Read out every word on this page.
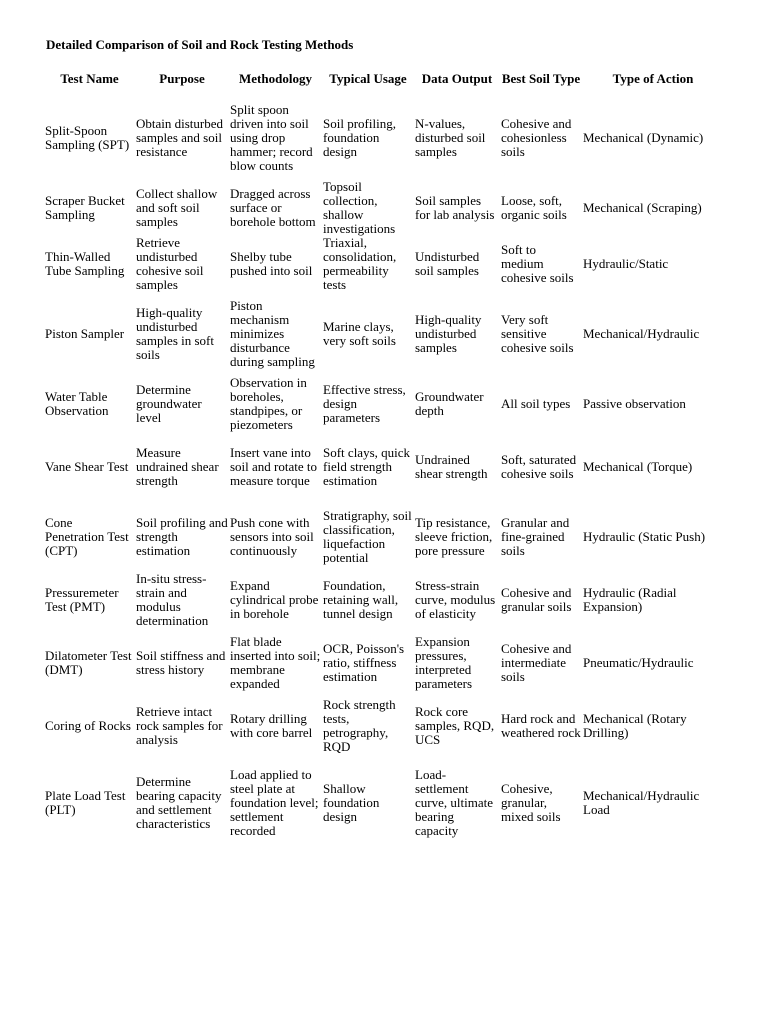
Detailed Comparison of Soil and Rock Testing Methods
Test Name	Purpose	Methodology	Typical Usage	Data Output	Best Soil Type	Type of Action
Split-Spoon Sampling (SPT)	Obtain disturbed samples and soil resistance	Split spoon driven into soil using drop hammer; record blow counts	Soil profiling, foundation design	N-values, disturbed soil samples	Cohesive and cohesionless soils	Mechanical (Dynamic)
Scraper Bucket Sampling	Collect shallow and soft soil samples	Dragged across surface or borehole bottom	Topsoil collection, shallow investigations	Soil samples for lab analysis	Loose, soft, organic soils	Mechanical (Scraping)
Thin-Walled Tube Sampling	Retrieve undisturbed cohesive soil samples	Shelby tube pushed into soil	Triaxial, consolidation, permeability tests	Undisturbed soil samples	Soft to medium cohesive soils	Hydraulic/Static
Piston Sampler	High-quality undisturbed samples in soft soils	Piston mechanism minimizes disturbance during sampling	Marine clays, very soft soils	High-quality undisturbed samples	Very soft sensitive cohesive soils	Mechanical/Hydraulic
Water Table Observation	Determine groundwater level	Observation in boreholes, standpipes, or piezometers	Effective stress, design parameters	Groundwater depth	All soil types	Passive observation
Vane Shear Test	Measure undrained shear strength	Insert vane into soil and rotate to measure torque	Soft clays, quick field strength estimation	Undrained shear strength	Soft, saturated cohesive soils	Mechanical (Torque)
Cone Penetration Test (CPT)	Soil profiling and strength estimation	Push cone with sensors into soil continuously	Stratigraphy, soil classification, liquefaction potential	Tip resistance, sleeve friction, pore pressure	Granular and fine-grained soils	Hydraulic (Static Push)
Pressuremeter Test (PMT)	In-situ stress-strain and modulus determination	Expand cylindrical probe in borehole	Foundation, retaining wall, tunnel design	Stress-strain curve, modulus of elasticity	Cohesive and granular soils	Hydraulic (Radial Expansion)
Dilatometer Test (DMT)	Soil stiffness and stress history	Flat blade inserted into soil; membrane expanded	OCR, Poisson's ratio, stiffness estimation	Expansion pressures, interpreted parameters	Cohesive and intermediate soils	Pneumatic/Hydraulic
Coring of Rocks	Retrieve intact rock samples for analysis	Rotary drilling with core barrel	Rock strength tests, petrography, RQD	Rock core samples, RQD, UCS	Hard rock and weathered rock	Mechanical (Rotary Drilling)
Plate Load Test (PLT)	Determine bearing capacity and settlement characteristics	Load applied to steel plate at foundation level; settlement recorded	Shallow foundation design	Load-settlement curve, ultimate bearing capacity	Cohesive, granular, mixed soils	Mechanical/Hydraulic Load
